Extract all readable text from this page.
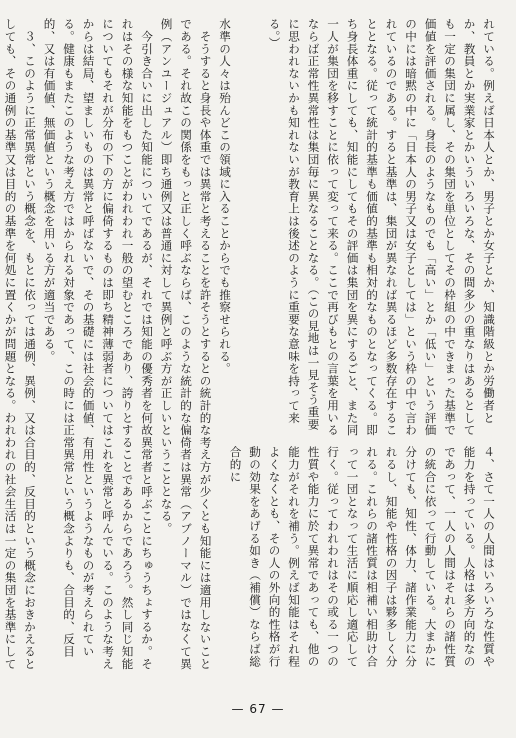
れている。例えば日本人とか、男子とか女子とか、知識階級とか労働者とか、教員とか実業家とかいういろいろな、その間多少の重なりはあるとしても一定の集団に属し、その集団を単位としてその枠組の中できまった基準で価値を評価される。身長のようなものでも「高い」とか「低い」という評価の中には暗黙の中に「日本人の男子又は女子としては」という枠の中で言われているのである。すると基準は、集団が異なれば異るほど多数存在することとなる。従って統計的基準も価値的基準も相対的なものとなってくる。即ち身長体重にしても、知能にしてもその評価は集団を異にするごと、また同一人が集団を移すことに依って変って来る。ここで再びもとの言葉を用いるならば正常性異常性は集団毎に異なることなる。（この見地は一見そう重要に思われないかも知れないが教育上は後述のように重要な意味を持って来る。）
４、さて一人の人間はいろいろな性質や能力を持っている。人格は多方向的なのであって、一人の人間はそれらの諸性質の統合に依って行動している。大まかに分けても、知性、体力、諸作業能力に分れるし、知能や性格の因子は夥多しく分れる。これらの諸性質は相補い相助け合って一団となって生活に順応し適応して行く。従ってわれわれはその或る一つの性質や能力に於て異常であっても、他の能力がそれを補う。例えば知能はそれ程よくなくとも、その人の外向的性格が行動の効果をあげる如き（補償）ならば総合的に
水準の人々は殆んどこの領域に入ることからでも推察せられる。
　そうすると身長や体重では異常と考えることを許そうとするとの統計的な考え方が少くとも知能には適用しないことである。それ故この関係をもっと正しく呼ぶならば、このような統計的な偏倚者は異常（アブノーマル）ではなくて異例（アンユージュアル）即ち通例又は普通に対して異例と呼ぶ方が正しいということとなる。
　今引き合いに出した知能についてであるが、それでは知能の優秀者を何故異常者と呼ぶことにちゅうちょするか。それはその様な知能をもつことがわれわれ一般の望むところであり、誇りとすることであるからであろう。然し同じ知能についてもそれが分布の下の方に偏倚するものは即ち精神薄弱者についてはこれを異常と呼んでいる。このような考えからは結局、望ましいものは異常と呼ばないで、その基礎には社会的価値、有用性というようなものが考えられている。健康もまたこのような考え方ではかられる対象であって、この時には正常異常という概念よりも、合目的、反目的、又は有価値、無価値という概念を用いる方が適当である。
　３、このように正常異常という概念を、もとに依っては通例、異例、又は合目的、反目的という概念におきかえるとしても、その通例の基準又は目的の基準を何処に置くかが問題となる。われわれの社会生活は一定の集団を基準にして
— 67 —
